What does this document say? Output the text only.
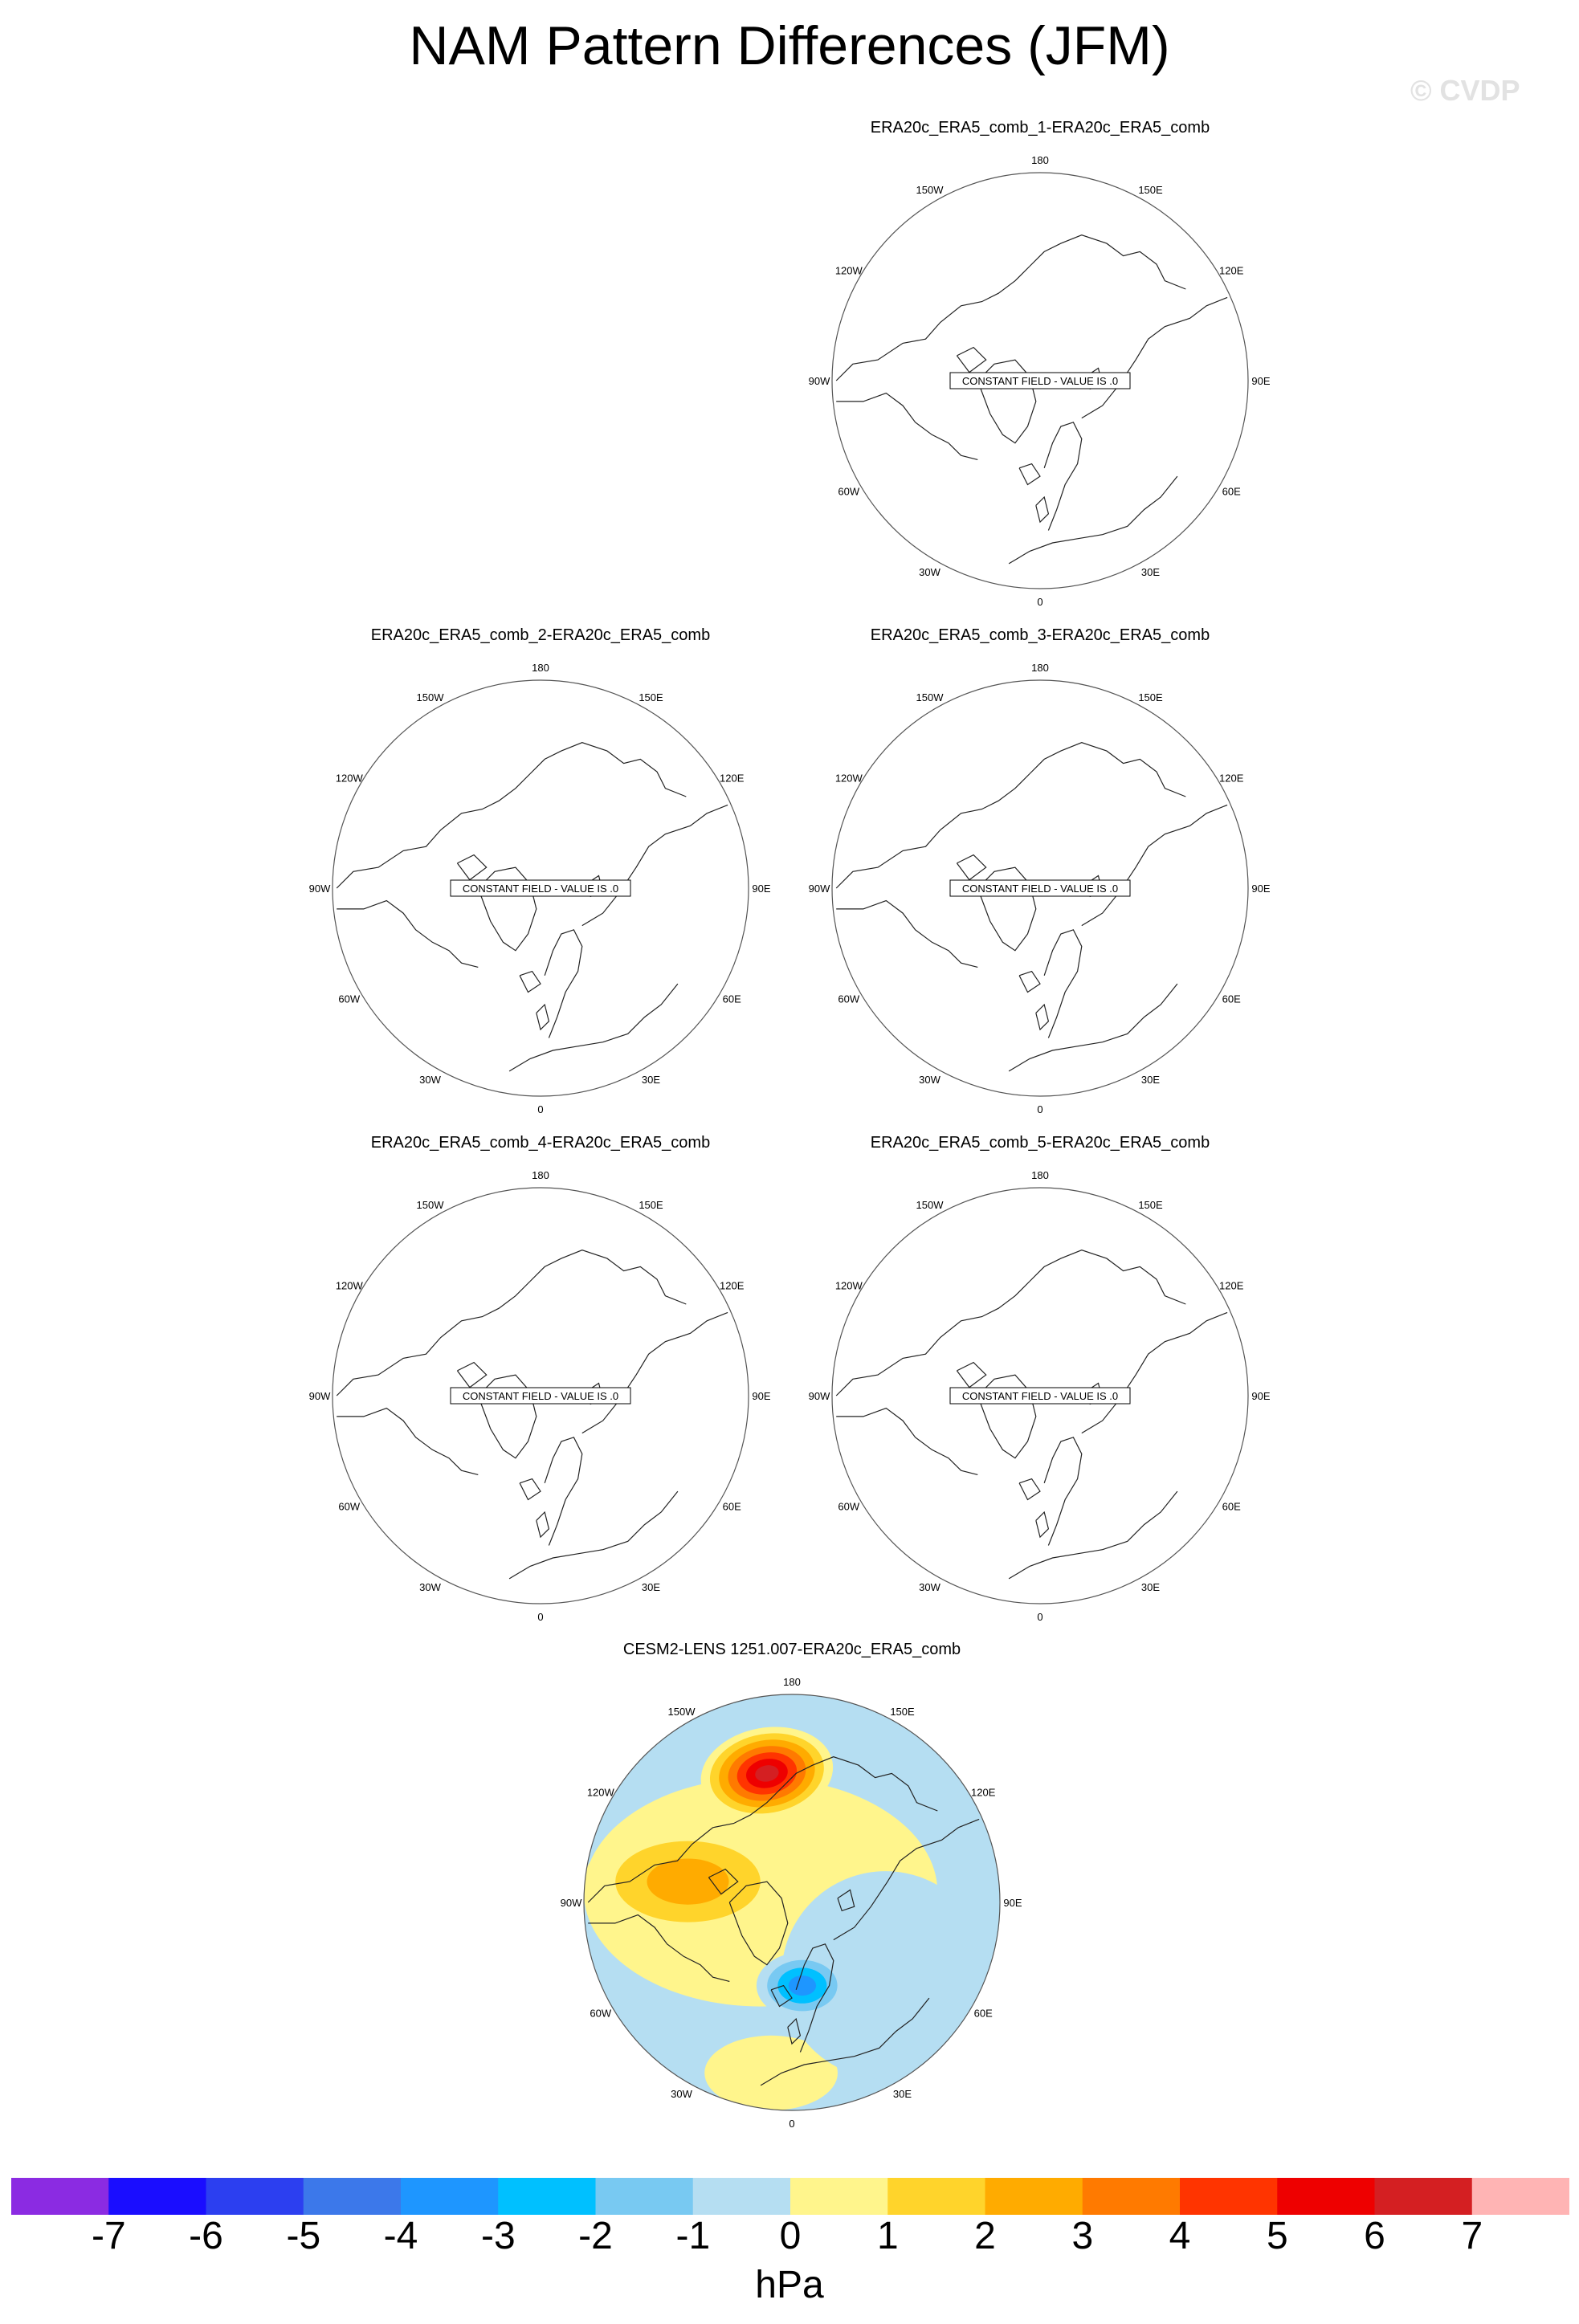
NAM Pattern Differences (JFM)
© CVDP
ERA20c_ERA5_comb_1-ERA20c_ERA5_comb
180
150E
120E
90E
60E
30E
0
30W
60W
90W
120W
150W
CONSTANT FIELD - VALUE IS .0
ERA20c_ERA5_comb_2-ERA20c_ERA5_comb
180
150E
120E
90E
60E
30E
0
30W
60W
90W
120W
150W
CONSTANT FIELD - VALUE IS .0
ERA20c_ERA5_comb_3-ERA20c_ERA5_comb
180
150E
120E
90E
60E
30E
0
30W
60W
90W
120W
150W
CONSTANT FIELD - VALUE IS .0
ERA20c_ERA5_comb_4-ERA20c_ERA5_comb
180
150E
120E
90E
60E
30E
0
30W
60W
90W
120W
150W
CONSTANT FIELD - VALUE IS .0
ERA20c_ERA5_comb_5-ERA20c_ERA5_comb
180
150E
120E
90E
60E
30E
0
30W
60W
90W
120W
150W
CONSTANT FIELD - VALUE IS .0
CESM2-LENS 1251.007-ERA20c_ERA5_comb
180
150E
120E
90E
60E
30E
0
30W
60W
90W
120W
150W
-7	-6	-5	-4	-3	-2	-1	0	1	2	3	4	5	6	7
hPa
